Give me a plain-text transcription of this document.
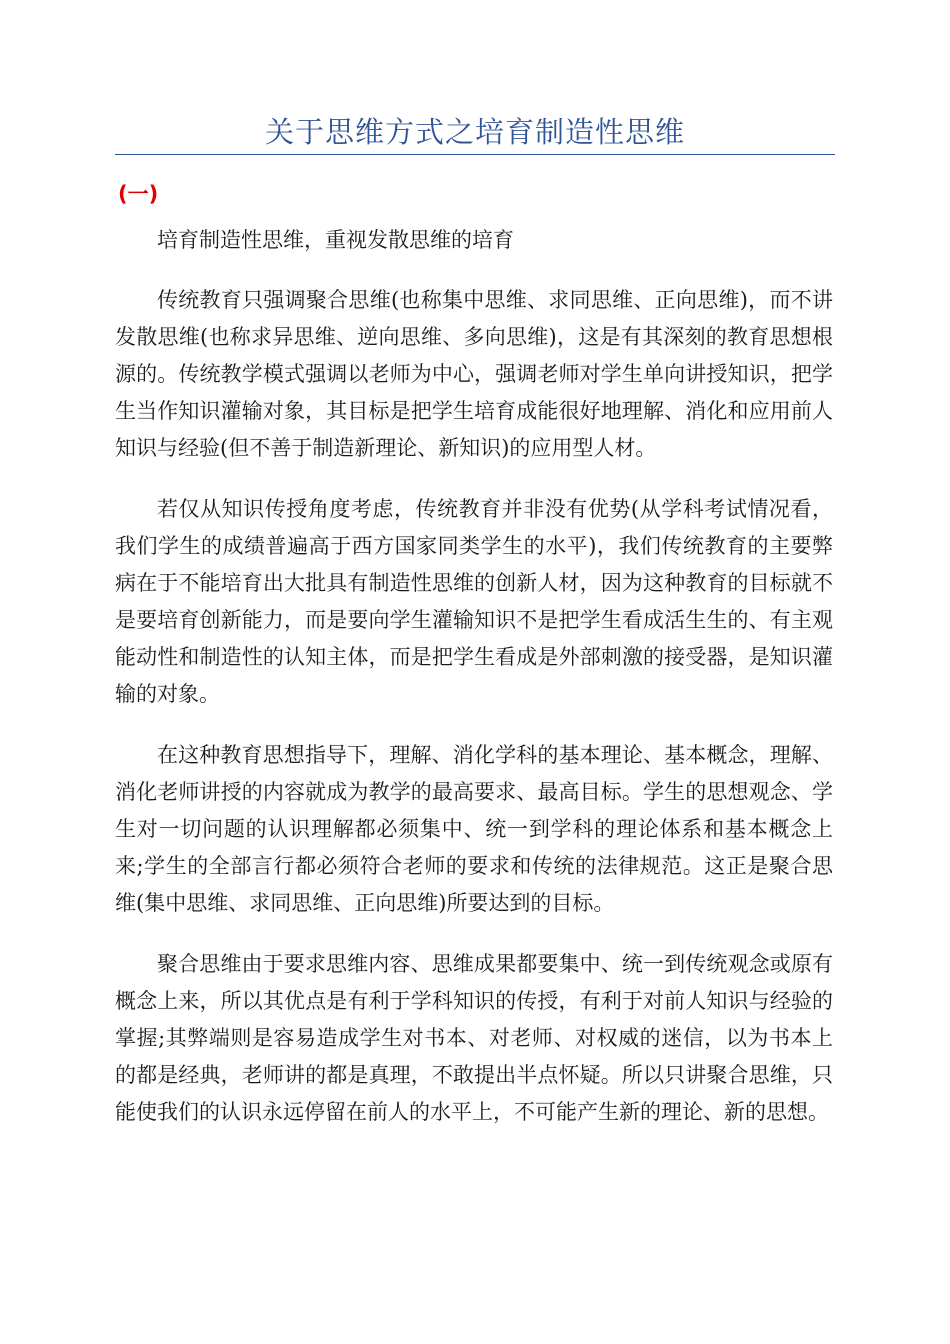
关于思维方式之培育制造性思维
(一)

培育制造性思维，重视发散思维的培育

传统教育只强调聚合思维(也称集中思维、求同思维、正向思维)，而不讲发散思维(也称求异思维、逆向思维、多向思维)，这是有其深刻的教育思想根源的。传统教学模式强调以老师为中心，强调老师对学生单向讲授知识，把学生当作知识灌输对象，其目标是把学生培育成能很好地理解、消化和应用前人知识与经验(但不善于制造新理论、新知识)的应用型人材。

若仅从知识传授角度考虑，传统教育并非没有优势(从学科考试情况看，我们学生的成绩普遍高于西方国家同类学生的水平)，我们传统教育的主要弊病在于不能培育出大批具有制造性思维的创新人材，因为这种教育的目标就不是要培育创新能力，而是要向学生灌输知识不是把学生看成活生生的、有主观能动性和制造性的认知主体，而是把学生看成是外部刺激的接受器，是知识灌输的对象。

在这种教育思想指导下，理解、消化学科的基本理论、基本概念，理解、消化老师讲授的内容就成为教学的最高要求、最高目标。学生的思想观念、学生对一切问题的认识理解都必须集中、统一到学科的理论体系和基本概念上来;学生的全部言行都必须符合老师的要求和传统的法律规范。这正是聚合思维(集中思维、求同思维、正向思维)所要达到的目标。

聚合思维由于要求思维内容、思维成果都要集中、统一到传统观念或原有概念上来，所以其优点是有利于学科知识的传授，有利于对前人知识与经验的掌握;其弊端则是容易造成学生对书本、对老师、对权威的迷信，以为书本上的都是经典，老师讲的都是真理，不敢提出半点怀疑。所以只讲聚合思维，只能使我们的认识永远停留在前人的水平上，不可能产生新的理论、新的思想。
